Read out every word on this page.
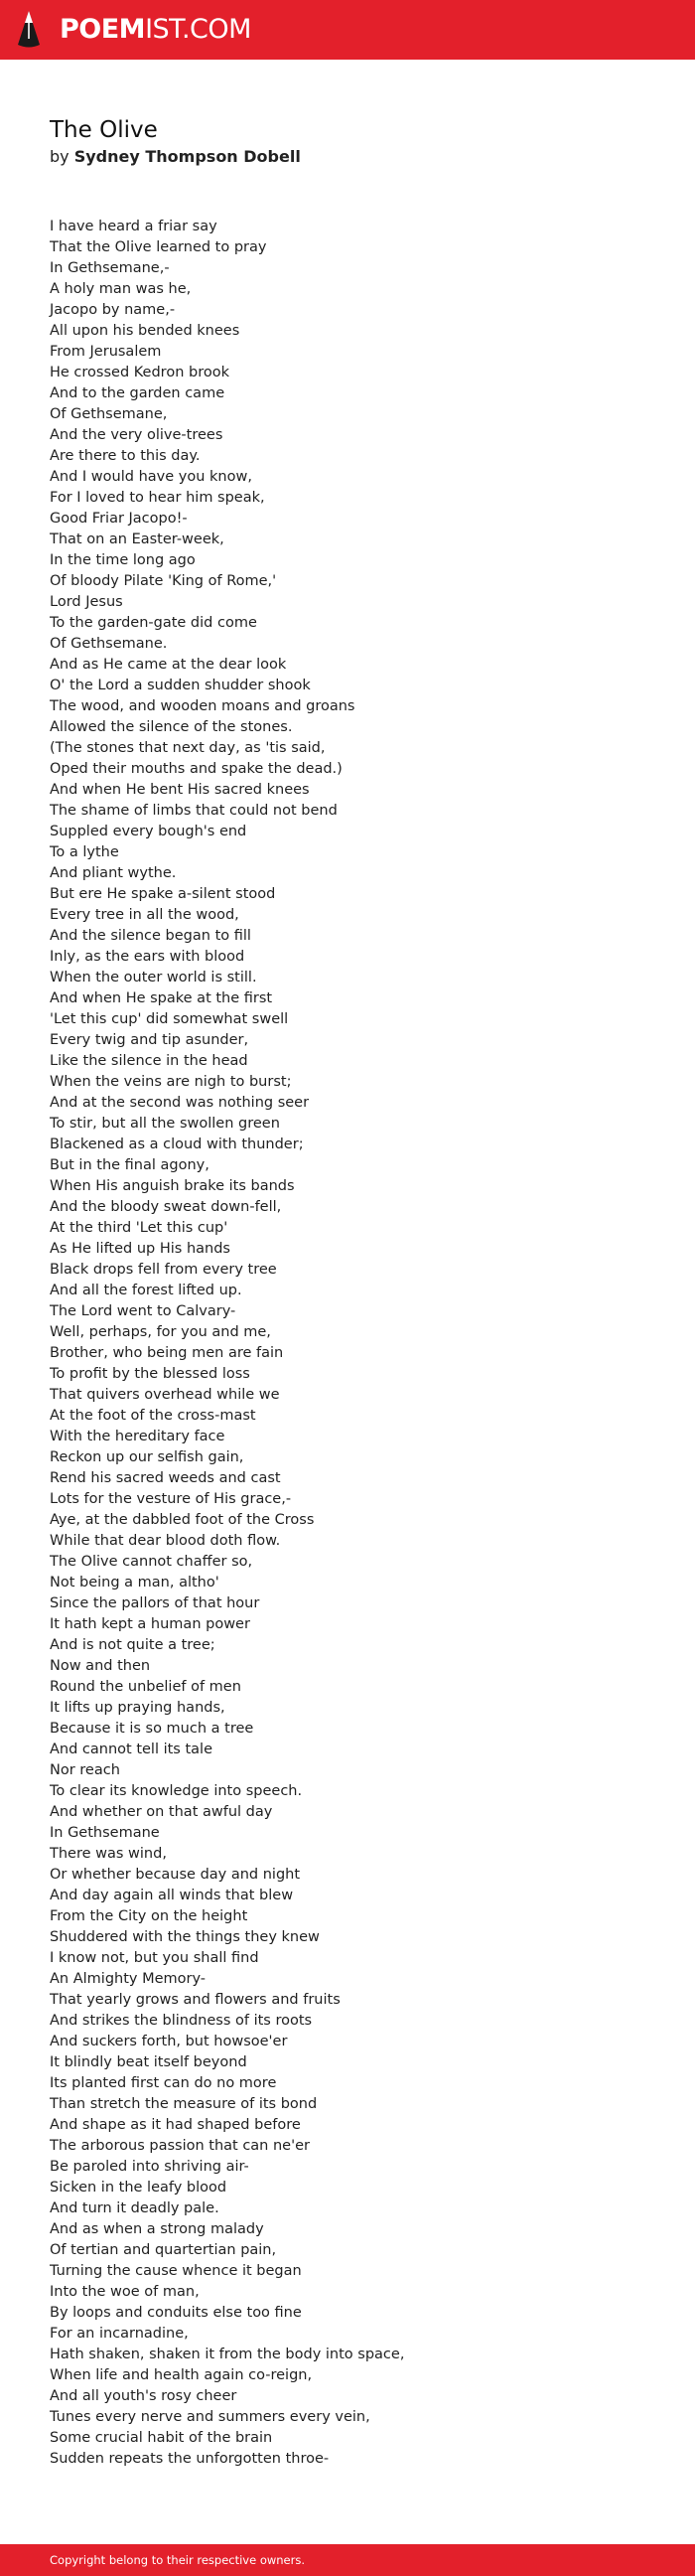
POEMIST.COM
The Olive
by Sydney Thompson Dobell
I have heard a friar say
That the Olive learned to pray
In Gethsemane,-
A holy man was he,
Jacopo by name,-
All upon his bended knees
From Jerusalem
He crossed Kedron brook
And to the garden came
Of Gethsemane,
And the very olive-trees
Are there to this day.
And I would have you know,
For I loved to hear him speak,
Good Friar Jacopo!-
That on an Easter-week,
In the time long ago
Of bloody Pilate 'King of Rome,'
Lord Jesus
To the garden-gate did come
Of Gethsemane.
And as He came at the dear look
O' the Lord a sudden shudder shook
The wood, and wooden moans and groans
Allowed the silence of the stones.
(The stones that next day, as 'tis said,
Oped their mouths and spake the dead.)
And when He bent His sacred knees
The shame of limbs that could not bend
Suppled every bough's end
To a lythe
And pliant wythe.
But ere He spake a-silent stood
Every tree in all the wood,
And the silence began to fill
Inly, as the ears with blood
When the outer world is still.
And when He spake at the first
'Let this cup' did somewhat swell
Every twig and tip asunder,
Like the silence in the head
When the veins are nigh to burst;
And at the second was nothing seer
To stir, but all the swollen green
Blackened as a cloud with thunder;
But in the final agony,
When His anguish brake its bands
And the bloody sweat down-fell,
At the third 'Let this cup'
As He lifted up His hands
Black drops fell from every tree
And all the forest lifted up.
The Lord went to Calvary-
Well, perhaps, for you and me,
Brother, who being men are fain
To profit by the blessed loss
That quivers overhead while we
At the foot of the cross-mast
With the hereditary face
Reckon up our selfish gain,
Rend his sacred weeds and cast
Lots for the vesture of His grace,-
Aye, at the dabbled foot of the Cross
While that dear blood doth flow.
The Olive cannot chaffer so,
Not being a man, altho'
Since the pallors of that hour
It hath kept a human power
And is not quite a tree;
Now and then
Round the unbelief of men
It lifts up praying hands,
Because it is so much a tree
And cannot tell its tale
Nor reach
To clear its knowledge into speech.
And whether on that awful day
In Gethsemane
There was wind,
Or whether because day and night
And day again all winds that blew
From the City on the height
Shuddered with the things they knew
I know not, but you shall find
An Almighty Memory-
That yearly grows and flowers and fruits
And strikes the blindness of its roots
And suckers forth, but howsoe'er
It blindly beat itself beyond
Its planted first can do no more
Than stretch the measure of its bond
And shape as it had shaped before
The arborous passion that can ne'er
Be paroled into shriving air-
Sicken in the leafy blood
And turn it deadly pale.
And as when a strong malady
Of tertian and quartertian pain,
Turning the cause whence it began
Into the woe of man,
By loops and conduits else too fine
For an incarnadine,
Hath shaken, shaken it from the body into space,
When life and health again co-reign,
And all youth's rosy cheer
Tunes every nerve and summers every vein,
Some crucial habit of the brain
Sudden repeats the unforgotten throe-
Copyright belong to their respective owners.
